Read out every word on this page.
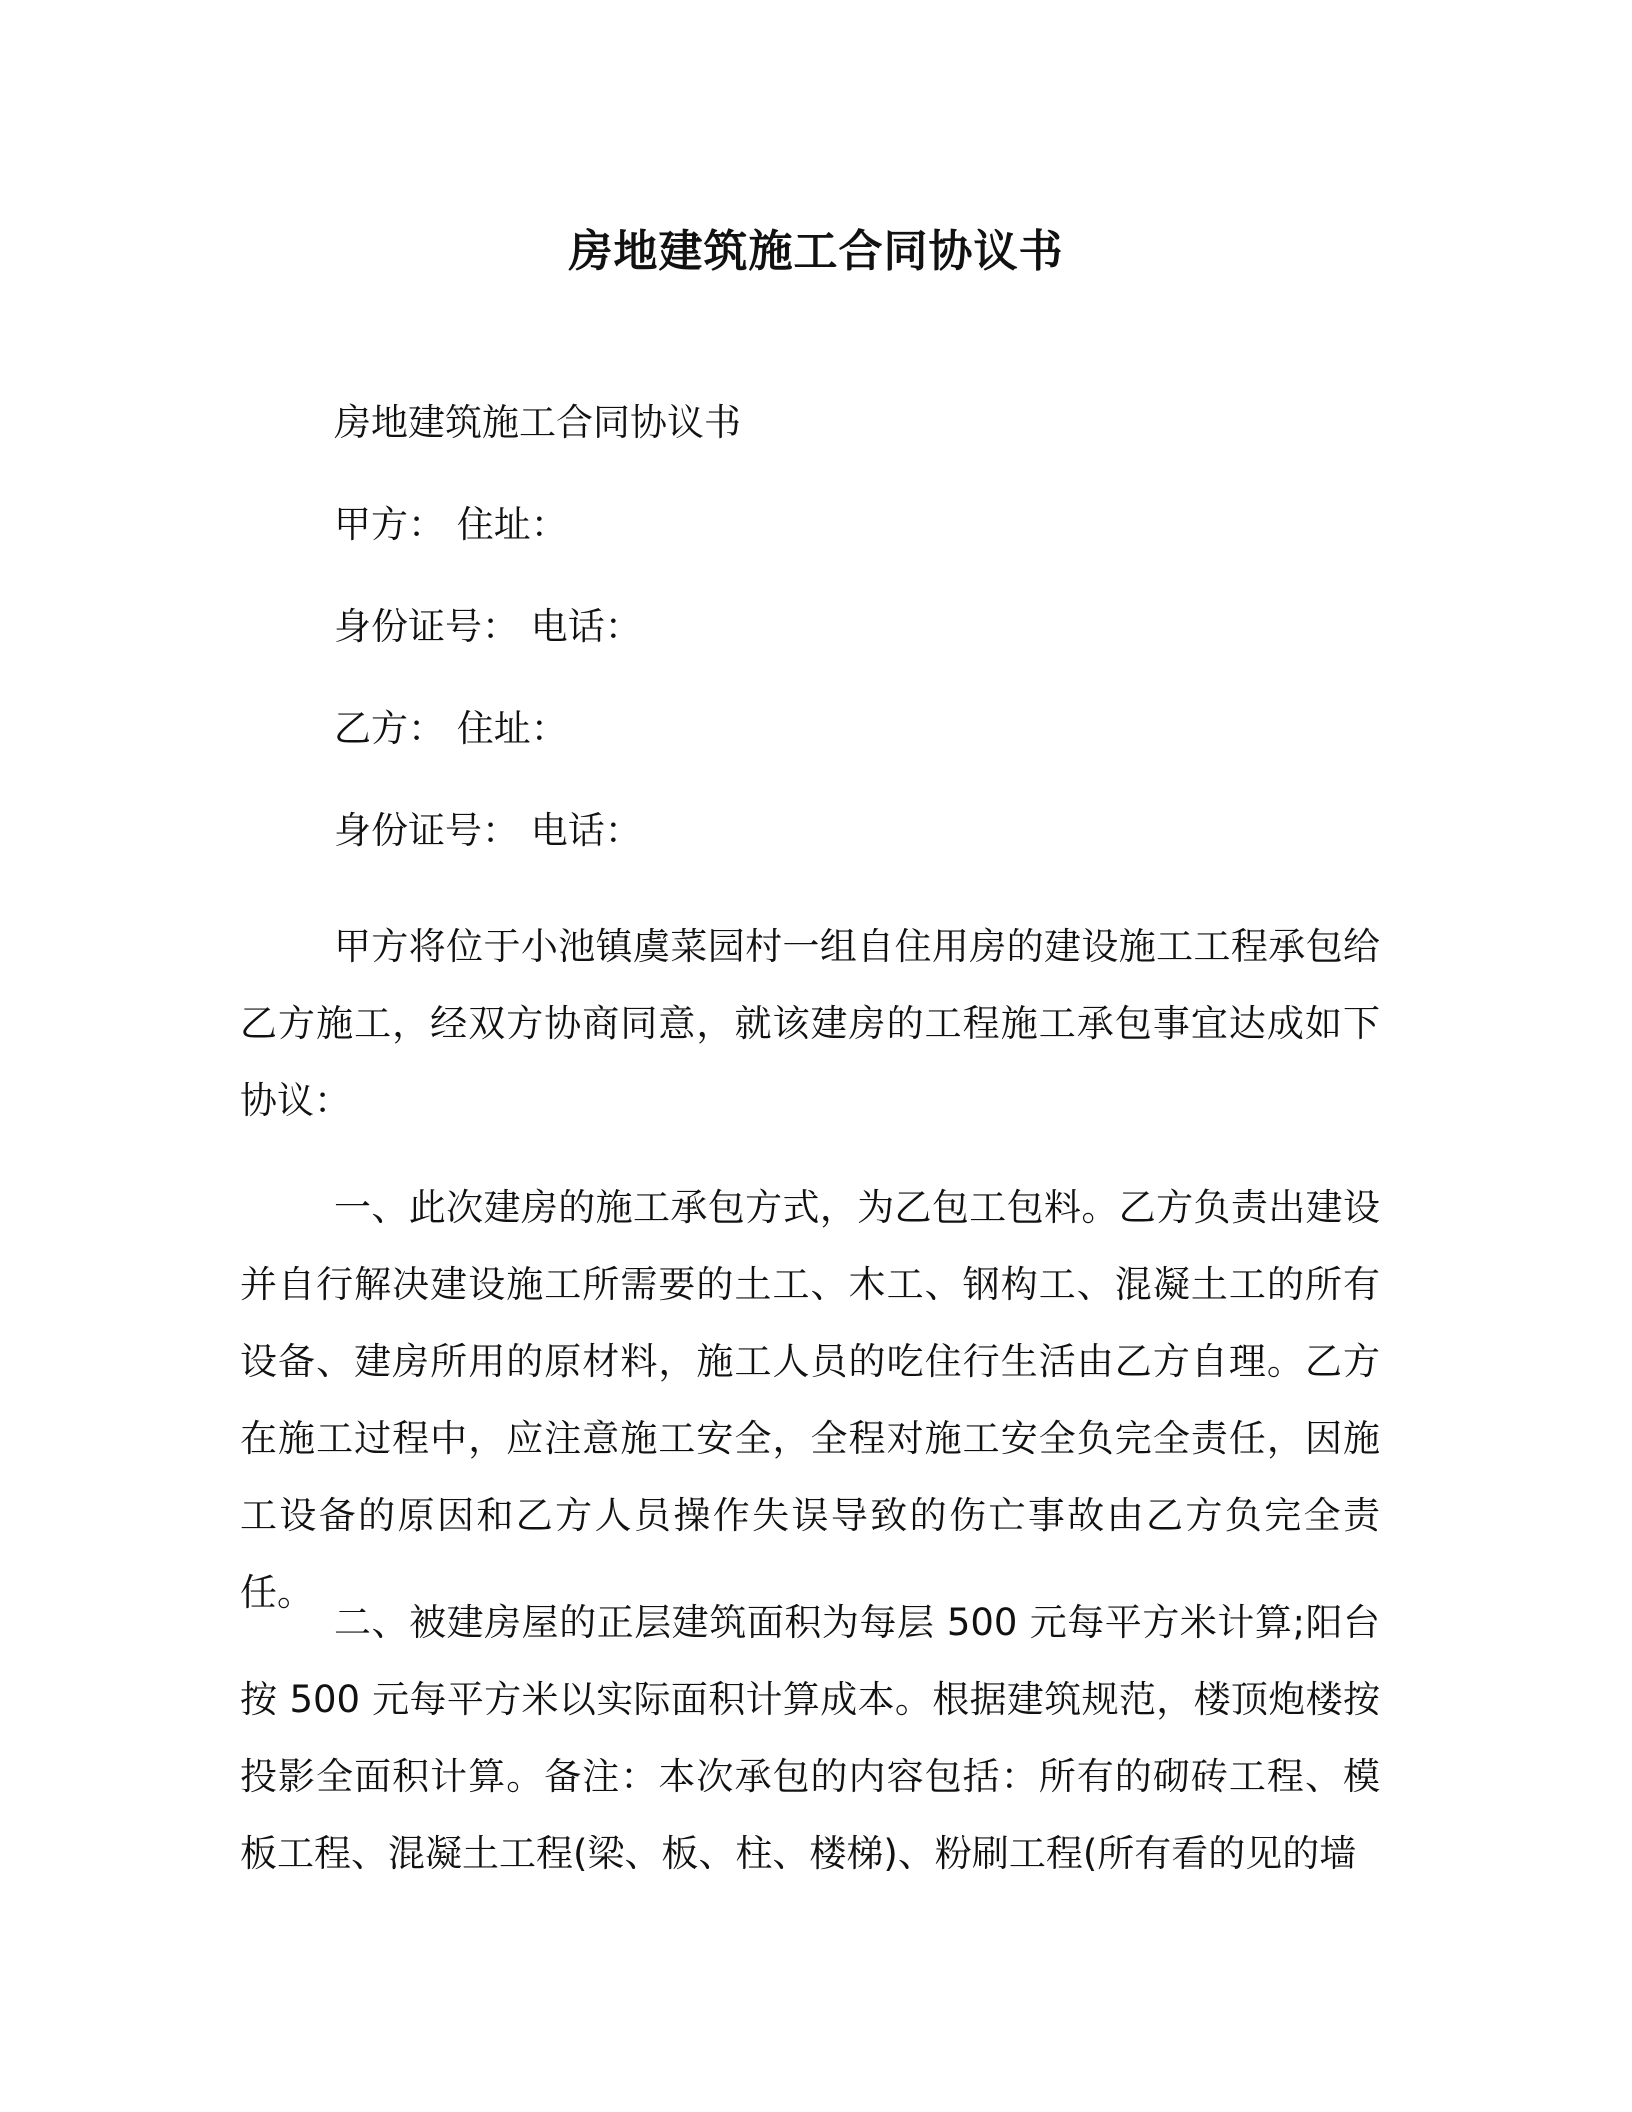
房地建筑施工合同协议书
房地建筑施工合同协议书
甲方： 住址：
身份证号： 电话：
乙方： 住址：
身份证号： 电话：

甲方将位于小池镇虞菜园村一组自住用房的建设施工工程承包给乙方施工，经双方协商同意，就该建房的工程施工承包事宜达成如下协议：

一、此次建房的施工承包方式，为乙包工包料。乙方负责出建设并自行解决建设施工所需要的土工、木工、钢构工、混凝土工的所有设备、建房所用的原材料，施工人员的吃住行生活由乙方自理。乙方在施工过程中，应注意施工安全，全程对施工安全负完全责任，因施工设备的原因和乙方人员操作失误导致的伤亡事故由乙方负完全责任。

二、被建房屋的正层建筑面积为每层 500 元每平方米计算;阳台按 500 元每平方米以实际面积计算成本。根据建筑规范，楼顶炮楼按投影全面积计算。备注：本次承包的内容包括：所有的砌砖工程、模板工程、混凝土工程(梁、板、柱、楼梯)、粉刷工程(所有看的见的墙
